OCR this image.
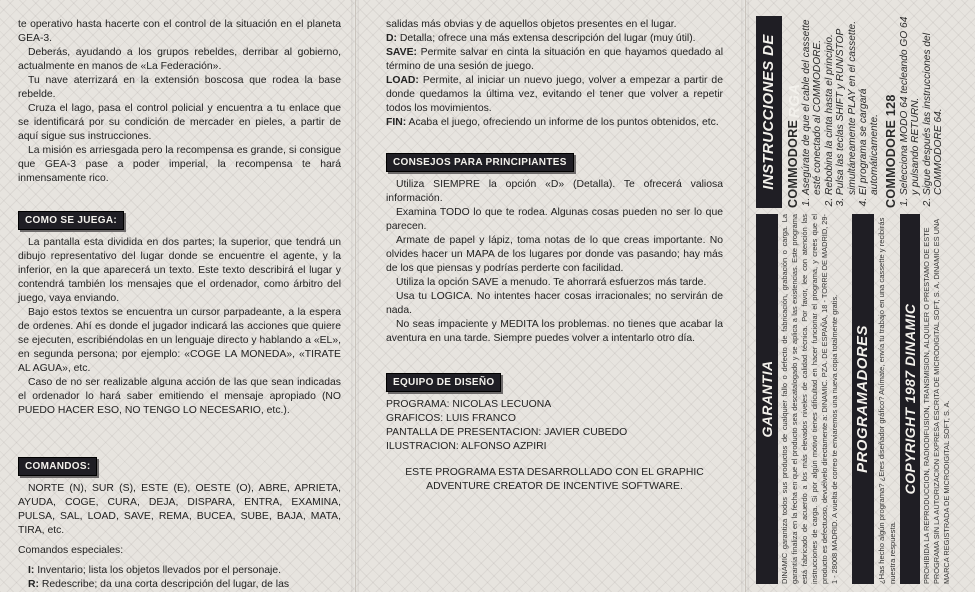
te operativo hasta hacerte con el control de la situación en el planeta GEA-3.

Deberás, ayudando a los grupos rebeldes, derribar al gobierno, actualmente en manos de «La Federación».

Tu nave aterrizará en la extensión boscosa que rodea la base rebelde.

Cruza el lago, pasa el control policial y encuentra a tu enlace que se identificará por su condición de mercader en pieles, a partir de aquí sigue sus instrucciones.

La misión es arriesgada pero la recompensa es grande, si consigue que GEA-3 pase a poder imperial, la recompensa te hará inmensamente rico.

COMO SE JUEGA:

La pantalla esta dividida en dos partes; la superior, que tendrá un dibujo representativo del lugar donde se encuentre el agente, y la inferior, en la que aparecerá un texto. Este texto describirá el lugar y contendrá también los mensajes que el ordenador, como árbitro del juego, vaya enviando.

Bajo estos textos se encuentra un cursor parpadeante, a la espera de ordenes. Ahí es donde el jugador indicará las acciones que quiere se ejecuten, escribiéndolas en un lenguaje directo y hablando a «EL», en segunda persona; por ejemplo: «COGE LA MONEDA», «TIRATE AL AGUA», etc.

Caso de no ser realizable alguna acción de las que sean indicadas el ordenador lo hará saber emitiendo el mensaje apropiado (NO PUEDO HACER ESO, NO TENGO LO NECESARIO, etc.).

COMANDOS:

NORTE (N), SUR (S), ESTE (E), OESTE (O), ABRE, APRIETA, AYUDA, COGE, CURA, DEJA, DISPARA, ENTRA, EXAMINA, PULSA, SAL, LOAD, SAVE, REMA, BUCEA, SUBE, BAJA, MATA, TIRA, etc.

Comandos especiales:

I: Inventario; lista los objetos llevados por el personaje.

R: Redescribe; da una corta descripción del lugar, de las

salidas más obvias y de aquellos objetos presentes en el lugar.

D: Detalla; ofrece una más extensa descripción del lugar (muy útil).

SAVE: Permite salvar en cinta la situación en que hayamos quedado al término de una sesión de juego.

LOAD: Permite, al iniciar un nuevo juego, volver a empezar a partir de donde quedamos la última vez, evitando el tener que volver a repetir todos los movimientos.

FIN: Acaba el juego, ofreciendo un informe de los puntos obtenidos, etc.

CONSEJOS PARA PRINCIPIANTES

Utiliza SIEMPRE la opción «D» (Detalla). Te ofrecerá valiosa información.

Examina TODO lo que te rodea. Algunas cosas pueden no ser lo que parecen.

Armate de papel y lápiz, toma notas de lo que creas importante. No olvides hacer un MAPA de los lugares por donde vas pasando; hay más de los que piensas y podrías perderte con facilidad.

Utiliza la opción SAVE a menudo. Te ahorrará esfuerzos más tarde.

Usa tu LOGICA. No intentes hacer cosas irracionales; no servirán de nada.

No seas impaciente y MEDITA los problemas. no tienes que acabar la aventura en una tarde. Siempre puedes volver a intentarlo otro día.

EQUIPO DE DISEÑO

PROGRAMA: NICOLAS LECUONA

GRAFICOS: LUIS FRANCO

PANTALLA DE PRESENTACION: JAVIER CUBEDO

ILUSTRACION: ALFONSO AZPIRI

ESTE PROGRAMA ESTA DESARROLLADO CON EL GRAPHIC ADVENTURE CREATOR DE INCENTIVE SOFTWARE.

GARANTIA DINAMIC garantiza todos sus productos de cualquier fallo o defecto de fabricación, grabación o carga. La garantía finaliza en la fecha en que el producto sea descatalogado y se aplica a las existencias. Este programa está fabricado de acuerdo a los más elevados niveles de calidad técnica. Por favor, lee con atención las instrucciones de carga. Si por algún motivo tienes dificultad en hacer funcionar el programa, y crees que el producto es defectuoso, devuélvelo directamente a: DINAMIC. PZA. DE ESPAÑA, 18 - TORRE DE MADRID, 29-1 - 28008 MADRID. A vuelta de correo te enviaremos una nueva copia totalmente gratis. PROGRAMADORES ¿Has hecho algún programa? ¿Eres diseñador gráfico? Anímate, envía tu trabajo en una cassette y recibirás nuestra respuesta.
COPYRIGHT 1987 DINAMIC PROHIBIDA LA REPRODUCCION, RADIODIFUSION, TRANSMISION, ALQUILER O PRESTAMO DE ESTE PROGRAMA SIN LA AUTORIZACION EXPRESA ESCRITA DE MICRODIGITAL SOFT, S. A. DINAMIC ES UNA MARCA REGISTRADA DE MICRODIGITAL SOFT, S. A.
INSTRUCCIONES DE CARGA
COMMODORE 1. Asegúrate de que el cable del cassette esté conectado al COMMODORE. 2. Rebobina la cinta hasta el principio. 3. Pulsa las teclas SHIFT y RUN/STOP simultáneamente PLAY en el cassette. 4. El programa se cargará automáticamente. COMMODORE 128 1. Selecciona MODO 64 tecleando GO 64 y pulsando RETURN. 2. Sigue después las instrucciones del COMMODORE 64.
